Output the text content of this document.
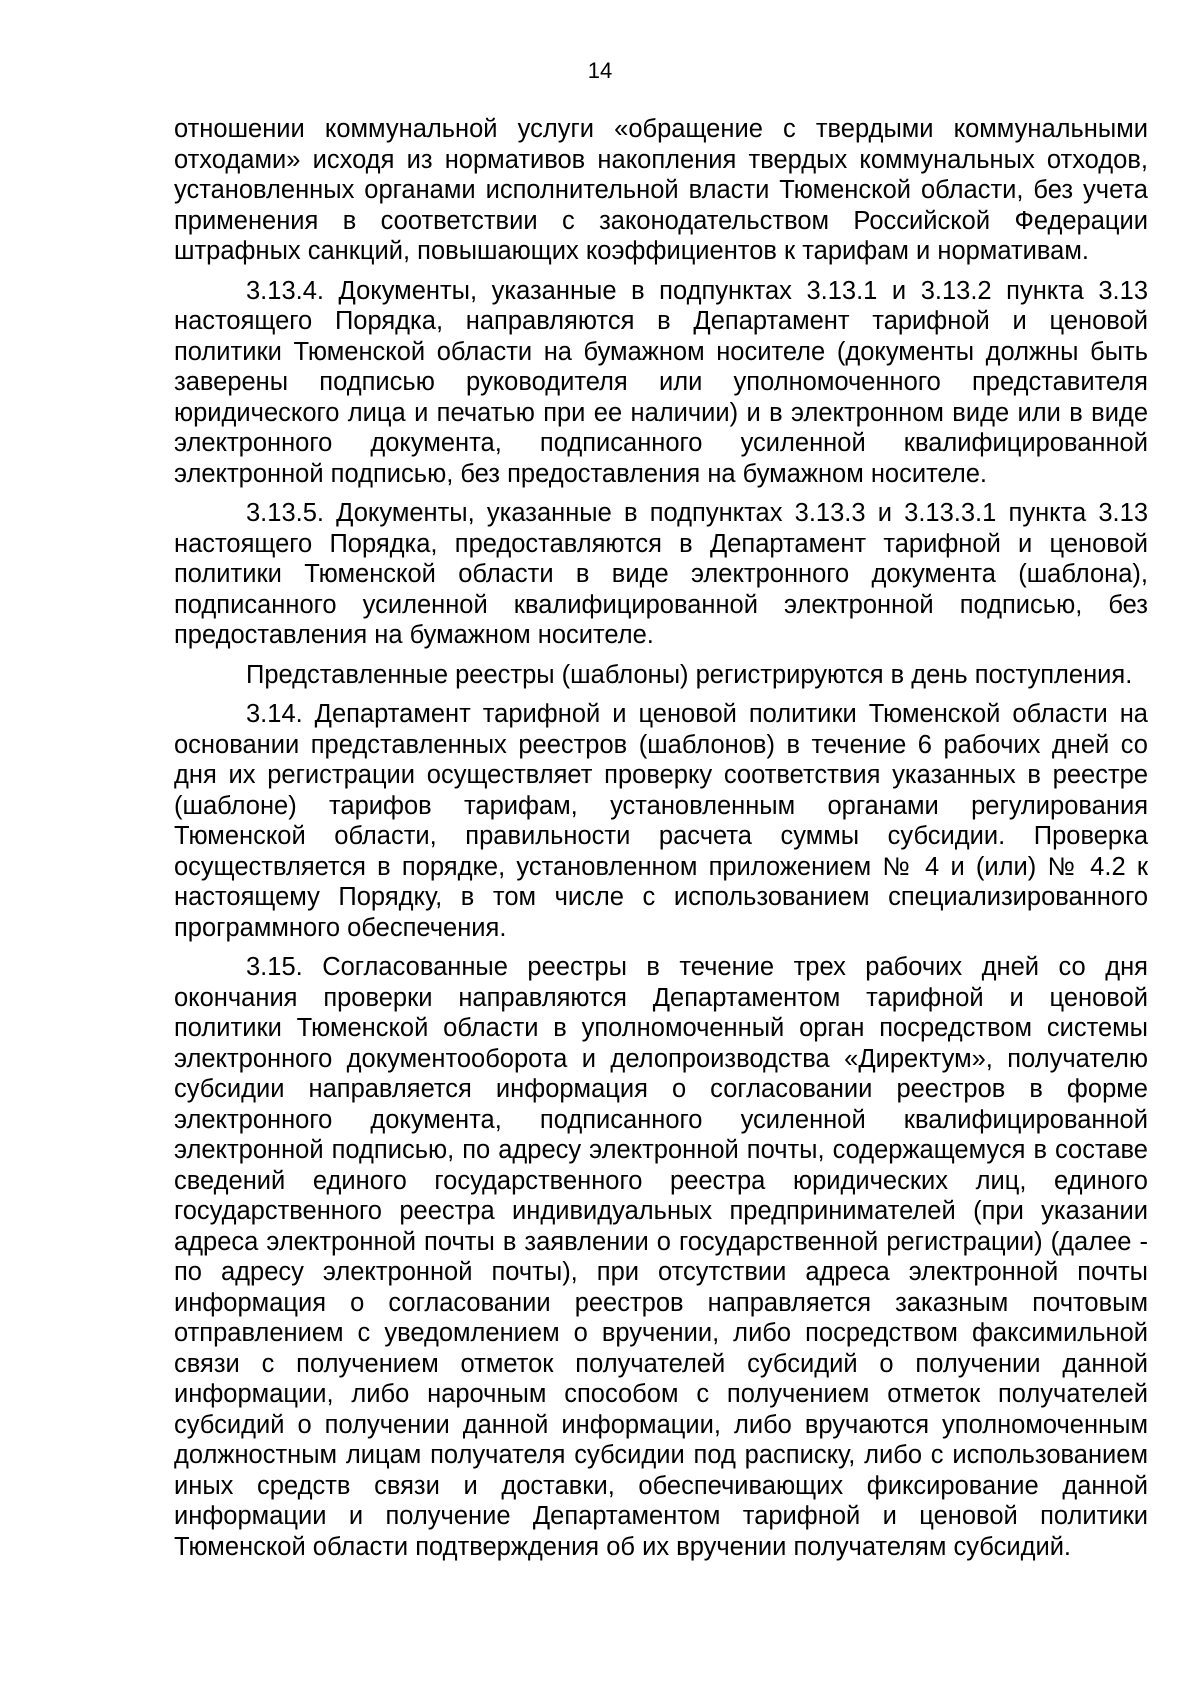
14

отношении коммунальной услуги «обращение с твердыми коммунальными отходами» исходя из нормативов накопления твердых коммунальных отходов, установленных органами исполнительной власти Тюменской области, без учета применения в соответствии с законодательством Российской Федерации штрафных санкций, повышающих коэффициентов к тарифам и нормативам.

3.13.4. Документы, указанные в подпунктах 3.13.1 и 3.13.2 пункта 3.13 настоящего Порядка, направляются в Департамент тарифной и ценовой политики Тюменской области на бумажном носителе (документы должны быть заверены подписью руководителя или уполномоченного представителя юридического лица и печатью при ее наличии) и в электронном виде или в виде электронного документа, подписанного усиленной квалифицированной электронной подписью, без предоставления на бумажном носителе.

3.13.5. Документы, указанные в подпунктах 3.13.3 и 3.13.3.1 пункта 3.13 настоящего Порядка, предоставляются в Департамент тарифной и ценовой политики Тюменской области в виде электронного документа (шаблона), подписанного усиленной квалифицированной электронной подписью, без предоставления на бумажном носителе.

Представленные реестры (шаблоны) регистрируются в день поступления.

3.14. Департамент тарифной и ценовой политики Тюменской области на основании представленных реестров (шаблонов) в течение 6 рабочих дней со дня их регистрации осуществляет проверку соответствия указанных в реестре (шаблоне) тарифов тарифам, установленным органами регулирования Тюменской области, правильности расчета суммы субсидии. Проверка осуществляется в порядке, установленном приложением № 4 и (или) № 4.2 к настоящему Порядку, в том числе с использованием специализированного программного обеспечения.

3.15. Согласованные реестры в течение трех рабочих дней со дня окончания проверки направляются Департаментом тарифной и ценовой политики Тюменской области в уполномоченный орган посредством системы электронного документооборота и делопроизводства «Директум», получателю субсидии направляется информация о согласовании реестров в форме электронного документа, подписанного усиленной квалифицированной электронной подписью, по адресу электронной почты, содержащемуся в составе сведений единого государственного реестра юридических лиц, единого государственного реестра индивидуальных предпринимателей (при указании адреса электронной почты в заявлении о государственной регистрации) (далее - по адресу электронной почты), при отсутствии адреса электронной почты информация о согласовании реестров направляется заказным почтовым отправлением с уведомлением о вручении, либо посредством факсимильной связи с получением отметок получателей субсидий о получении данной информации, либо нарочным способом с получением отметок получателей субсидий о получении данной информации, либо вручаются уполномоченным должностным лицам получателя субсидии под расписку, либо с использованием иных средств связи и доставки, обеспечивающих фиксирование данной информации и получение Департаментом тарифной и ценовой политики Тюменской области подтверждения об их вручении получателям субсидий.
